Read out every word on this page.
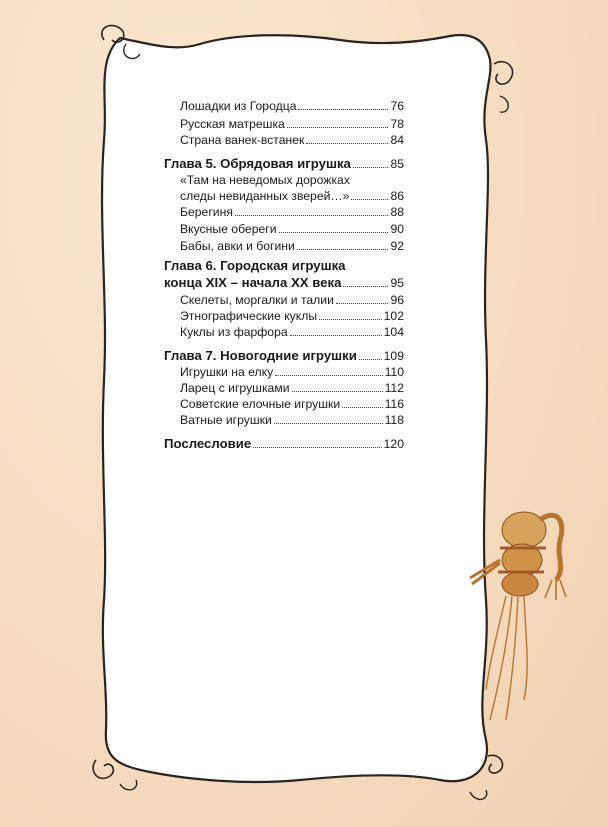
Лошадки из Городца	76
Русская матрешка	78
Страна ванек-встанек	84
Глава 5. Обрядовая игрушка	85
«Там на неведомых дорожках
следы невиданных зверей…»	86
Берегиня	88
Вкусные обереги	90
Бабы, авки и богини	92
Глава 6. Городская игрушка
конца XIX – начала XX века	95
Скелеты, моргалки и талии	96
Этнографические куклы	102
Куклы из фарфора	104
Глава 7. Новогодние игрушки 109
Игрушки на елку	110
Ларец с игрушками	112
Советские елочные игрушки	116
Ватные игрушки	118
Послесловие	120
